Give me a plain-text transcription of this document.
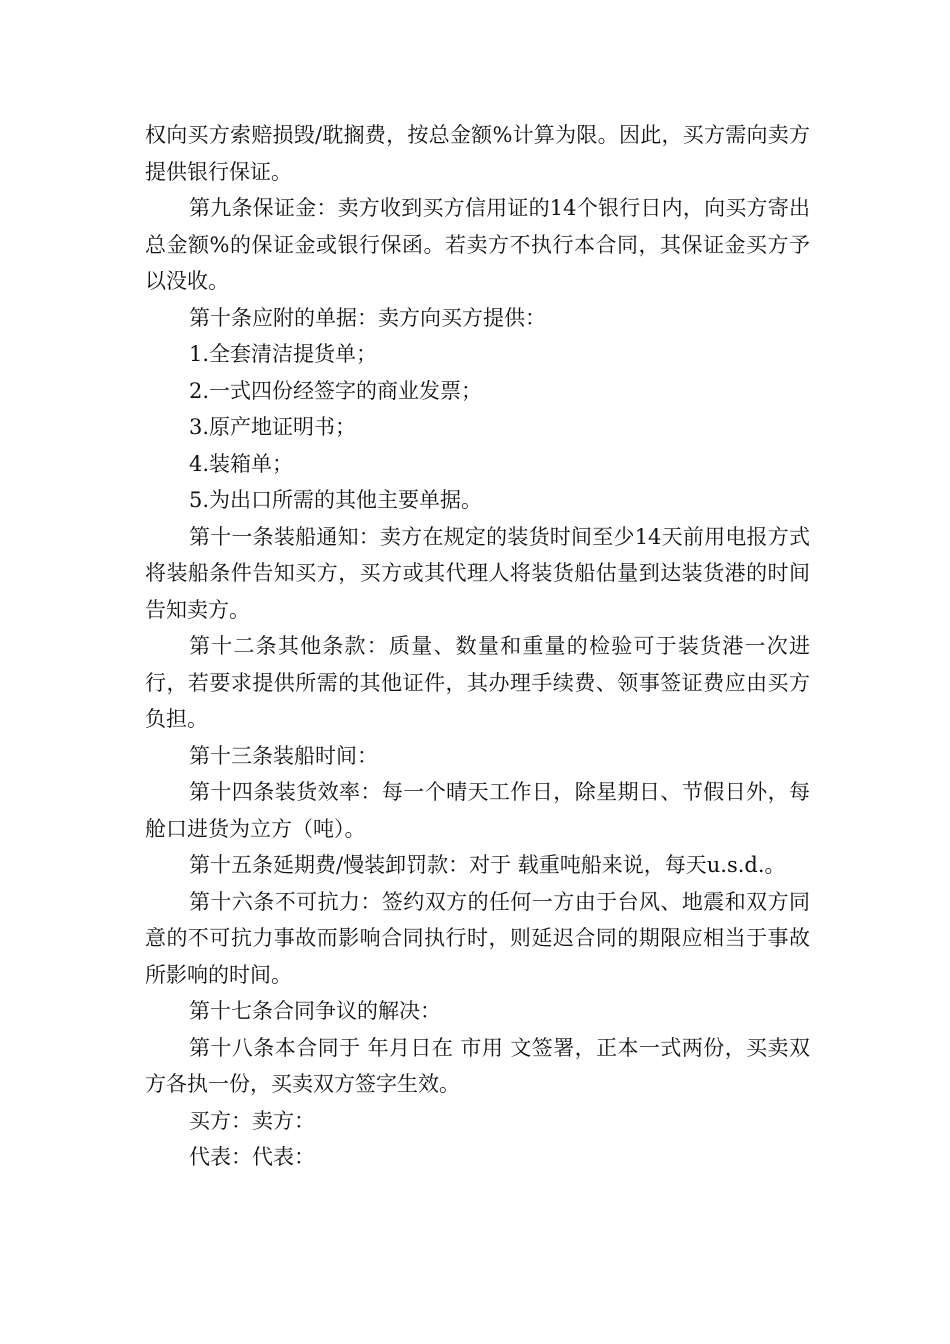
权向买方索赔损毁/耽搁费，按总金额%计算为限。因此，买方需向卖方提供银行保证。

第九条保证金：卖方收到买方信用证的14个银行日内，向买方寄出总金额%的保证金或银行保函。若卖方不执行本合同，其保证金买方予以没收。

第十条应附的单据：卖方向买方提供：

1.全套清洁提货单；

2.一式四份经签字的商业发票；

3.原产地证明书；

4.装箱单；

5.为出口所需的其他主要单据。

第十一条装船通知：卖方在规定的装货时间至少14天前用电报方式将装船条件告知买方，买方或其代理人将装货船估量到达装货港的时间告知卖方。

第十二条其他条款：质量、数量和重量的检验可于装货港一次进行，若要求提供所需的其他证件，其办理手续费、领事签证费应由买方负担。

第十三条装船时间：

第十四条装货效率：每一个晴天工作日，除星期日、节假日外，每舱口进货为立方（吨）。

第十五条延期费/慢装卸罚款：对于 载重吨船来说，每天u.s.d.。

第十六条不可抗力：签约双方的任何一方由于台风、地震和双方同意的不可抗力事故而影响合同执行时，则延迟合同的期限应相当于事故所影响的时间。

第十七条合同争议的解决：

第十八条本合同于 年月日在 市用 文签署，正本一式两份，买卖双方各执一份，买卖双方签字生效。

买方：卖方：

代表：代表：
